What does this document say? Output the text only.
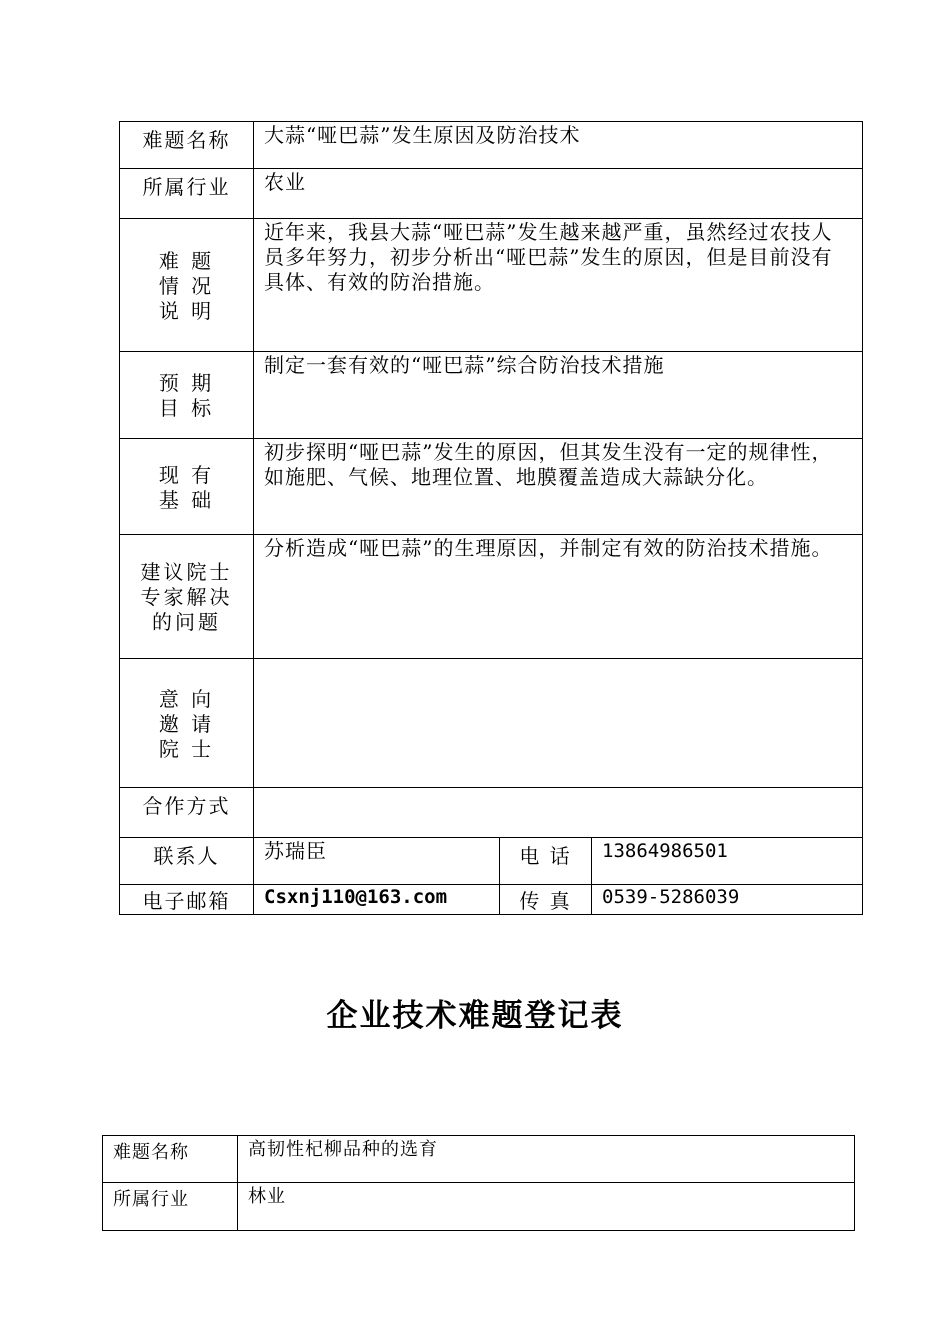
难题名称	大蒜“哑巴蒜”发生原因及防治技术		
所属行业	农业		

难 题
情 况
说 明	近年来，我县大蒜“哑巴蒜”发生越来越严重，虽然经过农技人员多年努力，初步分析出“哑巴蒜”发生的原因，但是目前没有具体、有效的防治措施。		

预 期
目 标	制定一套有效的“哑巴蒜”综合防治技术措施		

现 有
基 础	初步探明“哑巴蒜”发生的原因，但其发生没有一定的规律性，如施肥、气候、地理位置、地膜覆盖造成大蒜缺分化。		

建议院士
专家解决
的问题	分析造成“哑巴蒜”的生理原因，并制定有效的防治技术措施。		

意 向
邀 请
院 士			

合作方式			
联系人	苏瑞臣	电 话	13864986501
电子邮箱	Csxnj110@163.com	传 真	0539-5286039
企业技术难题登记表
难题名称	高韧性杞柳品种的选育
所属行业	林业
